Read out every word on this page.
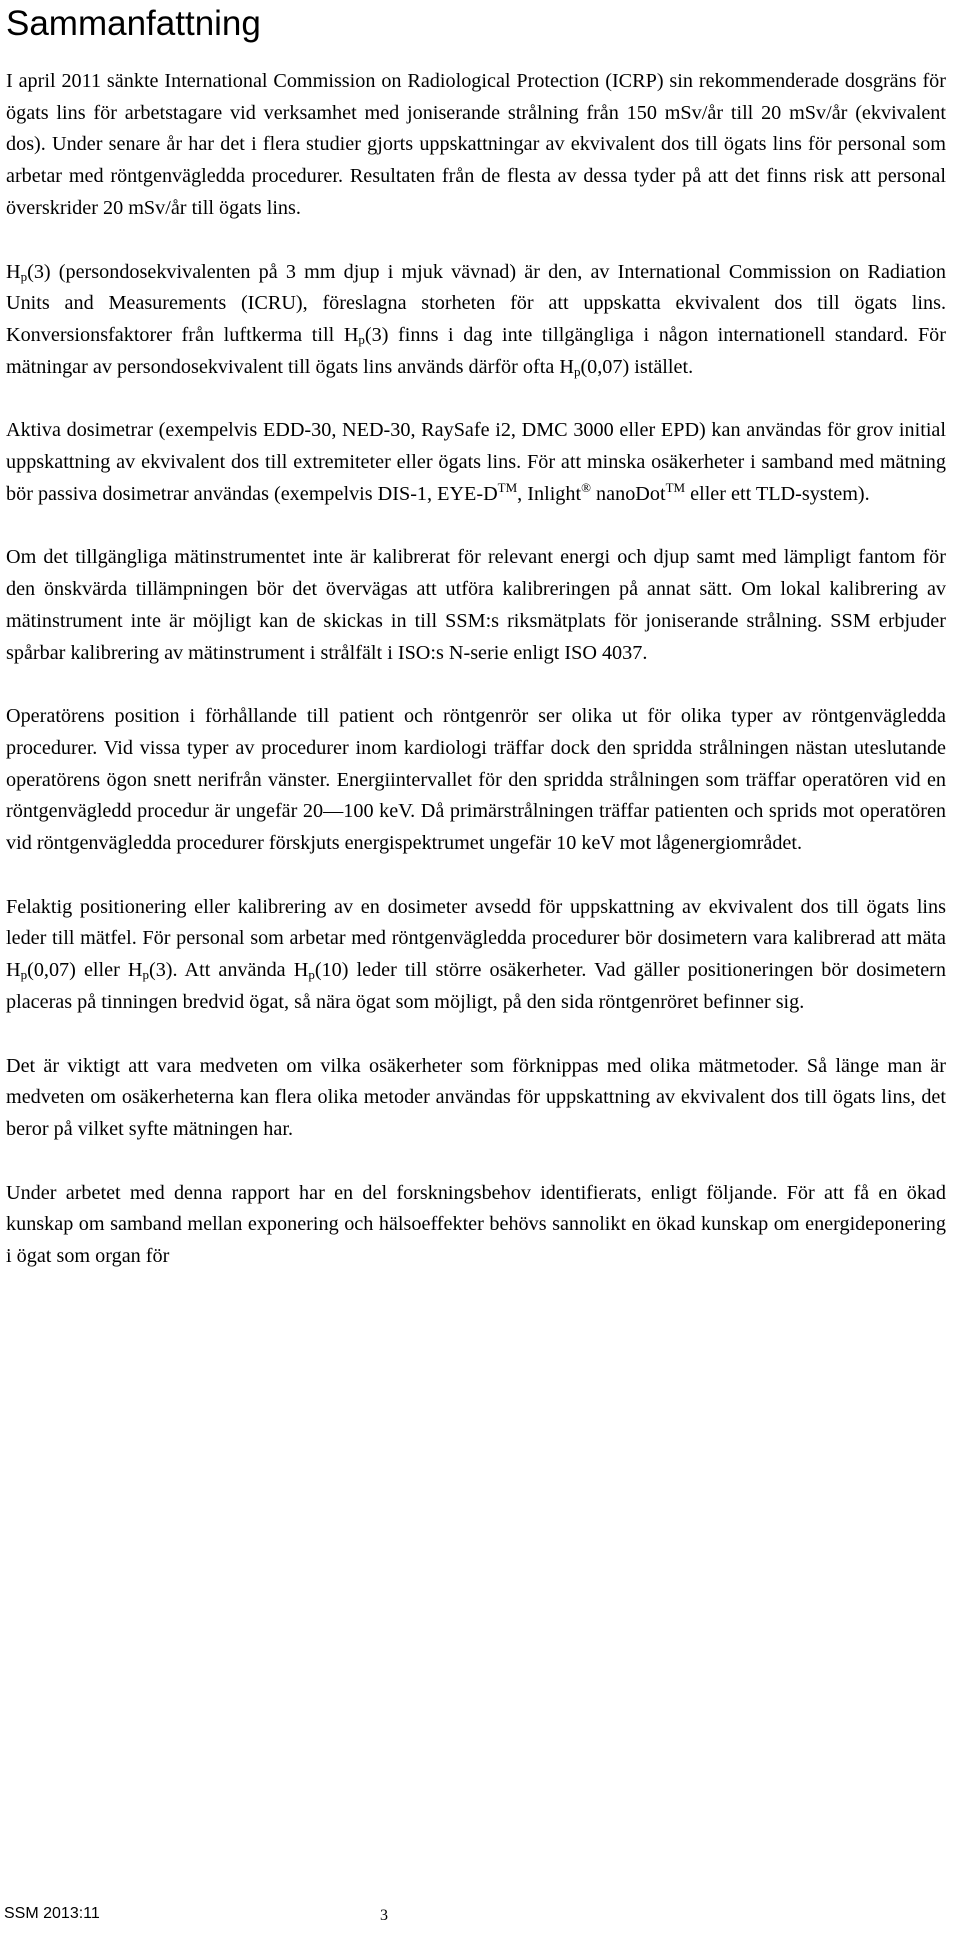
Sammanfattning

I april 2011 sänkte International Commission on Radiological Protection (ICRP) sin rekommenderade dosgräns för ögats lins för arbetstagare vid verksamhet med joniserande strålning från 150 mSv/år till 20 mSv/år (ekvivalent dos). Under senare år har det i flera studier gjorts uppskattningar av ekvivalent dos till ögats lins för personal som arbetar med röntgenvägledda procedurer. Resultaten från de flesta av dessa tyder på att det finns risk att personal överskrider 20 mSv/år till ögats lins.

$H_p(3)$ (persondosekvivalenten på 3 mm djup i mjuk vävnad) är den, av International Commission on Radiation Units and Measurements (ICRU), föreslagna storheten för att uppskatta ekvivalent dos till ögats lins. Konversionsfaktorer från luftkerma till $H_p(3)$ finns i dag inte tillgängliga i någon internationell standard. För mätningar av persondosekvivalent till ögats lins används därför ofta $H_p(0,07)$ istället.

Aktiva dosimetrar (exempelvis EDD-30, NED-30, RaySafe i2, DMC 3000 eller EPD) kan användas för grov initial uppskattning av ekvivalent dos till extremiteter eller ögats lins. För att minska osäkerheter i samband med mätning bör passiva dosimetrar användas (exempelvis DIS-1, EYE-D™, Inlight® nanoDot™ eller ett TLD-system).

Om det tillgängliga mätinstrumentet inte är kalibrerat för relevant energi och djup samt med lämpligt fantom för den önskvärda tillämpningen bör det övervägas att utföra kalibreringen på annat sätt. Om lokal kalibrering av mätinstrument inte är möjligt kan de skickas in till SSM:s riksmätplats för joniserande strålning. SSM erbjuder spårbar kalibrering av mätinstrument i strålfält i ISO:s N-serie enligt ISO 4037.

Operatörens position i förhållande till patient och röntgenrör ser olika ut för olika typer av röntgenvägledda procedurer. Vid vissa typer av procedurer inom kardiologi träffar dock den spridda strålningen nästan uteslutande operatörens ögon snett nerifrån vänster. Energiintervallet för den spridda strålningen som träffar operatören vid en röntgenvägledd procedur är ungefär 20—100 keV. Då primärstrålningen träffar patienten och sprids mot operatören vid röntgenvägledda procedurer förskjuts energispektrumet ungefär 10 keV mot lågenergiområdet.

Felaktig positionering eller kalibrering av en dosimeter avsedd för uppskattning av ekvivalent dos till ögats lins leder till mätfel. För personal som arbetar med röntgenvägledda procedurer bör dosimetern vara kalibrerad att mäta $H_p(0,07)$ eller $H_p(3)$. Att använda $H_p(10)$ leder till större osäkerheter. Vad gäller positioneringen bör dosimetern placeras på tinningen bredvid ögat, så nära ögat som möjligt, på den sida röntgenröret befinner sig.

Det är viktigt att vara medveten om vilka osäkerheter som förknippas med olika mätmetoder. Så länge man är medveten om osäkerheterna kan flera olika metoder användas för uppskattning av ekvivalent dos till ögats lins, det beror på vilket syfte mätningen har.

Under arbetet med denna rapport har en del forskningsbehov identifierats, enligt följande. För att få en ökad kunskap om samband mellan exponering och hälsoeffekter behövs sannolikt en ökad kunskap om energideponering i ögat som organ för

SSM 2013:11	3
